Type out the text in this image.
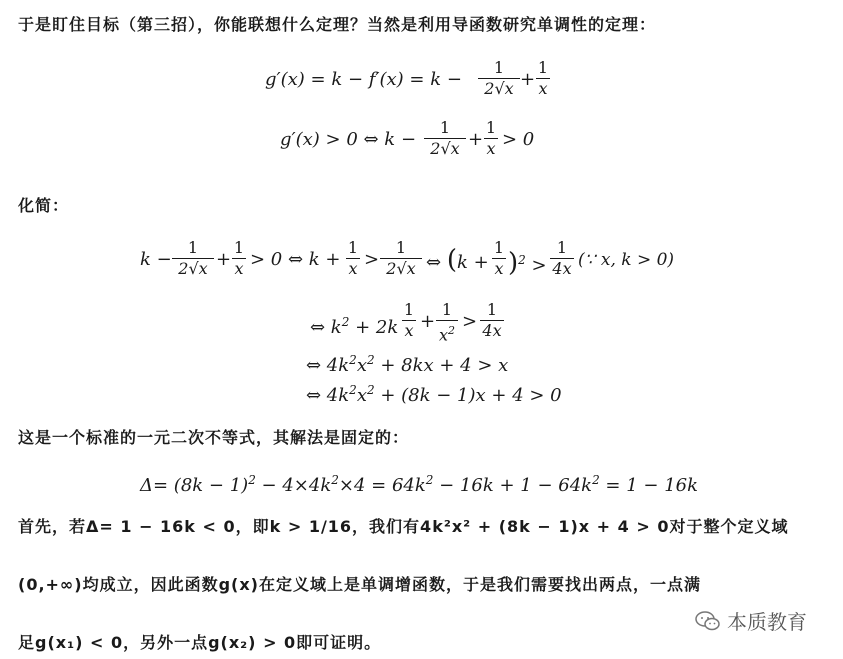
于是盯住目标（第三招），你能联想什么定理？当然是利用导函数研究单调性的定理：
g′(x) = k − f′(x) = k −
1
2√x +
1
x
g′(x) > 0 ⇔ k −
1
2√x +
1
x > 0
化简：
k −
1
2√x +
1
x > 0 ⇔ k +
1
x >
1
2√x ⇔ (k +
1
x )$^2$ >
1
4x (∵ x, k > 0)
⇔ $k^2 + 2k$
1
x +
1
$x^2$ >
1
4x
⇔ $4k^2x^2 + 8kx + 4 > x$
⇔ $4k^2x^2 + (8k - 1)x + 4 > 0$
这是一个标准的一元二次不等式，其解法是固定的：
$\Delta= (8k - 1)^2 - 4\times 4k^2\times 4 = 64k^2 - 16k + 1 - 64k^2 = 1 - 16k$
首先，若Δ= 1 − 16k < 0，即k > 1/16，我们有4k²x² + (8k − 1)x + 4 > 0对于整个定义域
(0,+∞)均成立，因此函数g(x)在定义域上是单调增函数，于是我们需要找出两点，一点满
足g(x₁) < 0，另外一点g(x₂) > 0即可证明。
本质教育
